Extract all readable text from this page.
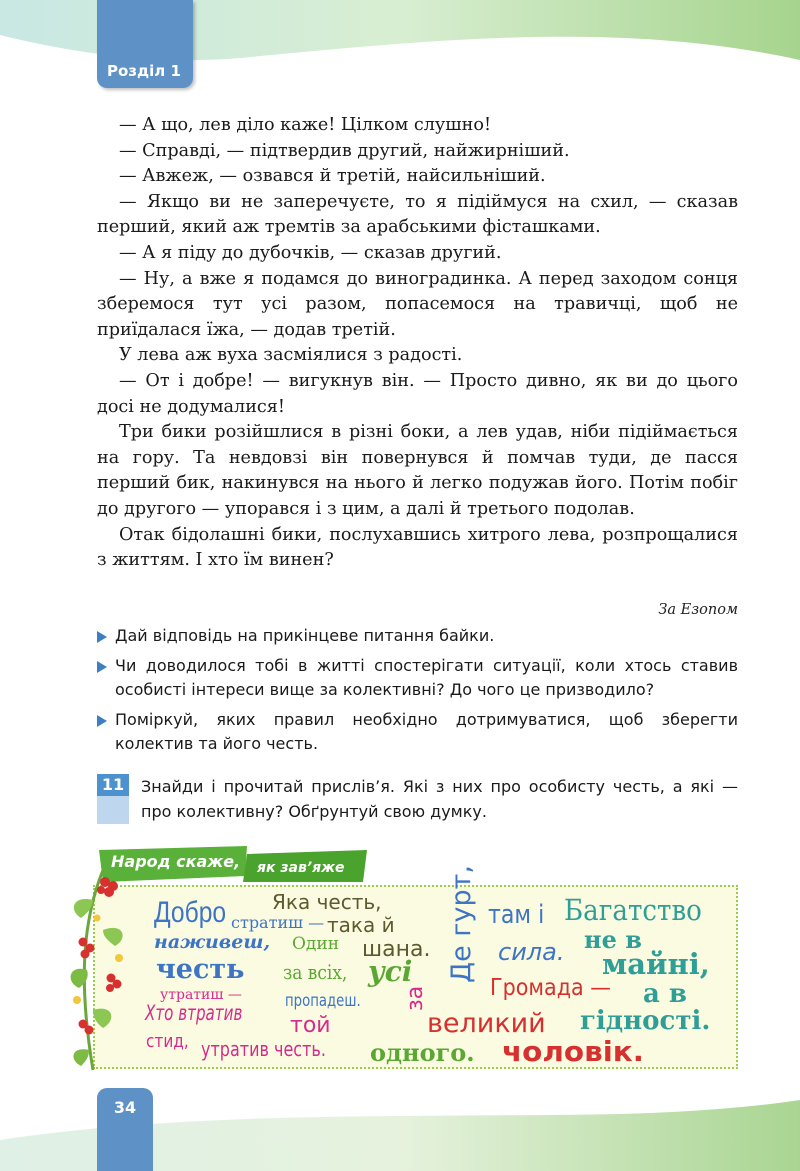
Розділ 1

— А що, лев діло каже! Цілком слушно!

— Справді, — підтвердив другий, найжирніший.

— Авжеж, — озвався й третій, найсильніший.

— Якщо ви не заперечуєте, то я підіймуся на схил, — сказав перший, який аж тремтів за арабськими фісташками.

— А я піду до дубочків, — сказав другий.

— Ну, а вже я подамся до виноградинка. А перед заходом сонця зберемося тут усі разом, попасемося на травичці, щоб не приїдалася їжа, — додав третій.

У лева аж вуха засміялися з радості.

— От і добре! — вигукнув він. — Просто дивно, як ви до цього досі не додумалися!

Три бики розійшлися в різні боки, а лев удав, ніби підіймається на гору. Та невдовзі він повернувся й помчав туди, де пасся перший бик, накинувся на нього й легко подужав його. Потім побіг до другого — упорався і з цим, а далі й третього подолав.

Отак бідолашні бики, послухавшись хитрого лева, розпрощалися з життям. І хто їм винен?

За Езопом
Дай відповідь на прикінцеве питання байки.
Чи доводилося тобі в житті спостерігати ситуації, коли хтось ставив особисті інтереси вище за колективні? До чого це призводило?
Поміркуй, яких правил необхідно дотримуватися, щоб зберегти колектив та його честь.
11	Знайди і прочитай прислів’я. Які з них про особисту честь, а які — про колективну? Обґрунтуй свою думку.
Народ скаже, як зав’яже
Добро стратиш —
наживеш,
честь
утратиш —
Хто втратив
стид, утратив честь.
Яка честь,
така й
Один шана.
за всіх, усі
пропадеш.
той
за
одного.
Де гурт, там і
сила.
Громада —
великий
чоловік.
Багатство
не в
майні,
а в
гідності.
34
